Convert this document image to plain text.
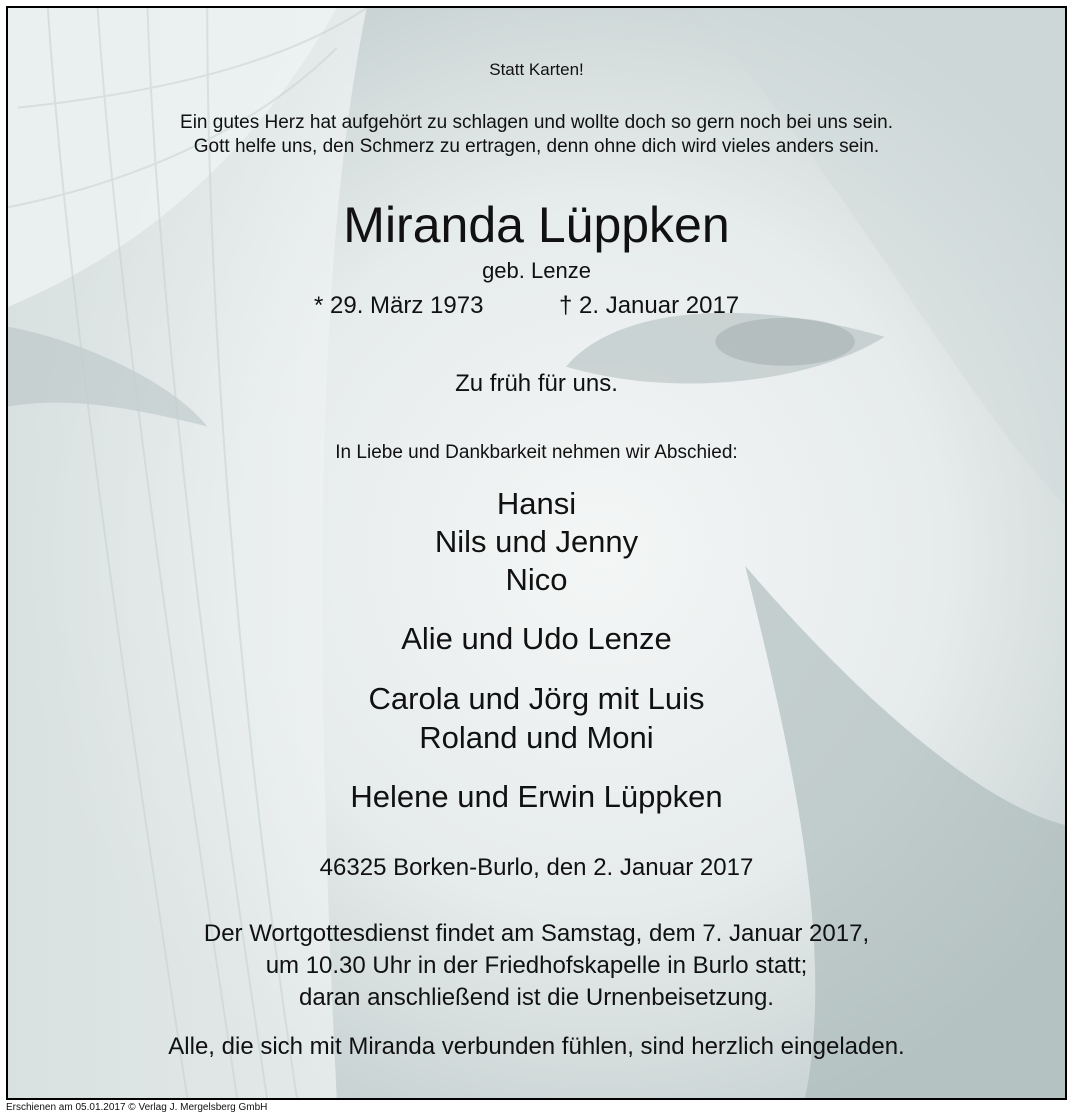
Statt Karten!
Ein gutes Herz hat aufgehört zu schlagen und wollte doch so gern noch bei uns sein.
Gott helfe uns, den Schmerz zu ertragen, denn ohne dich wird vieles anders sein.
Miranda Lüppken
geb. Lenze
* 29. März 1973	† 2. Januar 2017
Zu früh für uns.
In Liebe und Dankbarkeit nehmen wir Abschied:
Hansi
Nils und Jenny
Nico
Alie und Udo Lenze
Carola und Jörg mit Luis
Roland und Moni
Helene und Erwin Lüppken
46325 Borken-Burlo, den 2. Januar 2017
Der Wortgottesdienst findet am Samstag, dem 7. Januar 2017,
um 10.30 Uhr in der Friedhofskapelle in Burlo statt;
daran anschließend ist die Urnenbeisetzung.
Alle, die sich mit Miranda verbunden fühlen, sind herzlich eingeladen.
Erschienen am 05.01.2017 © Verlag J. Mergelsberg GmbH
